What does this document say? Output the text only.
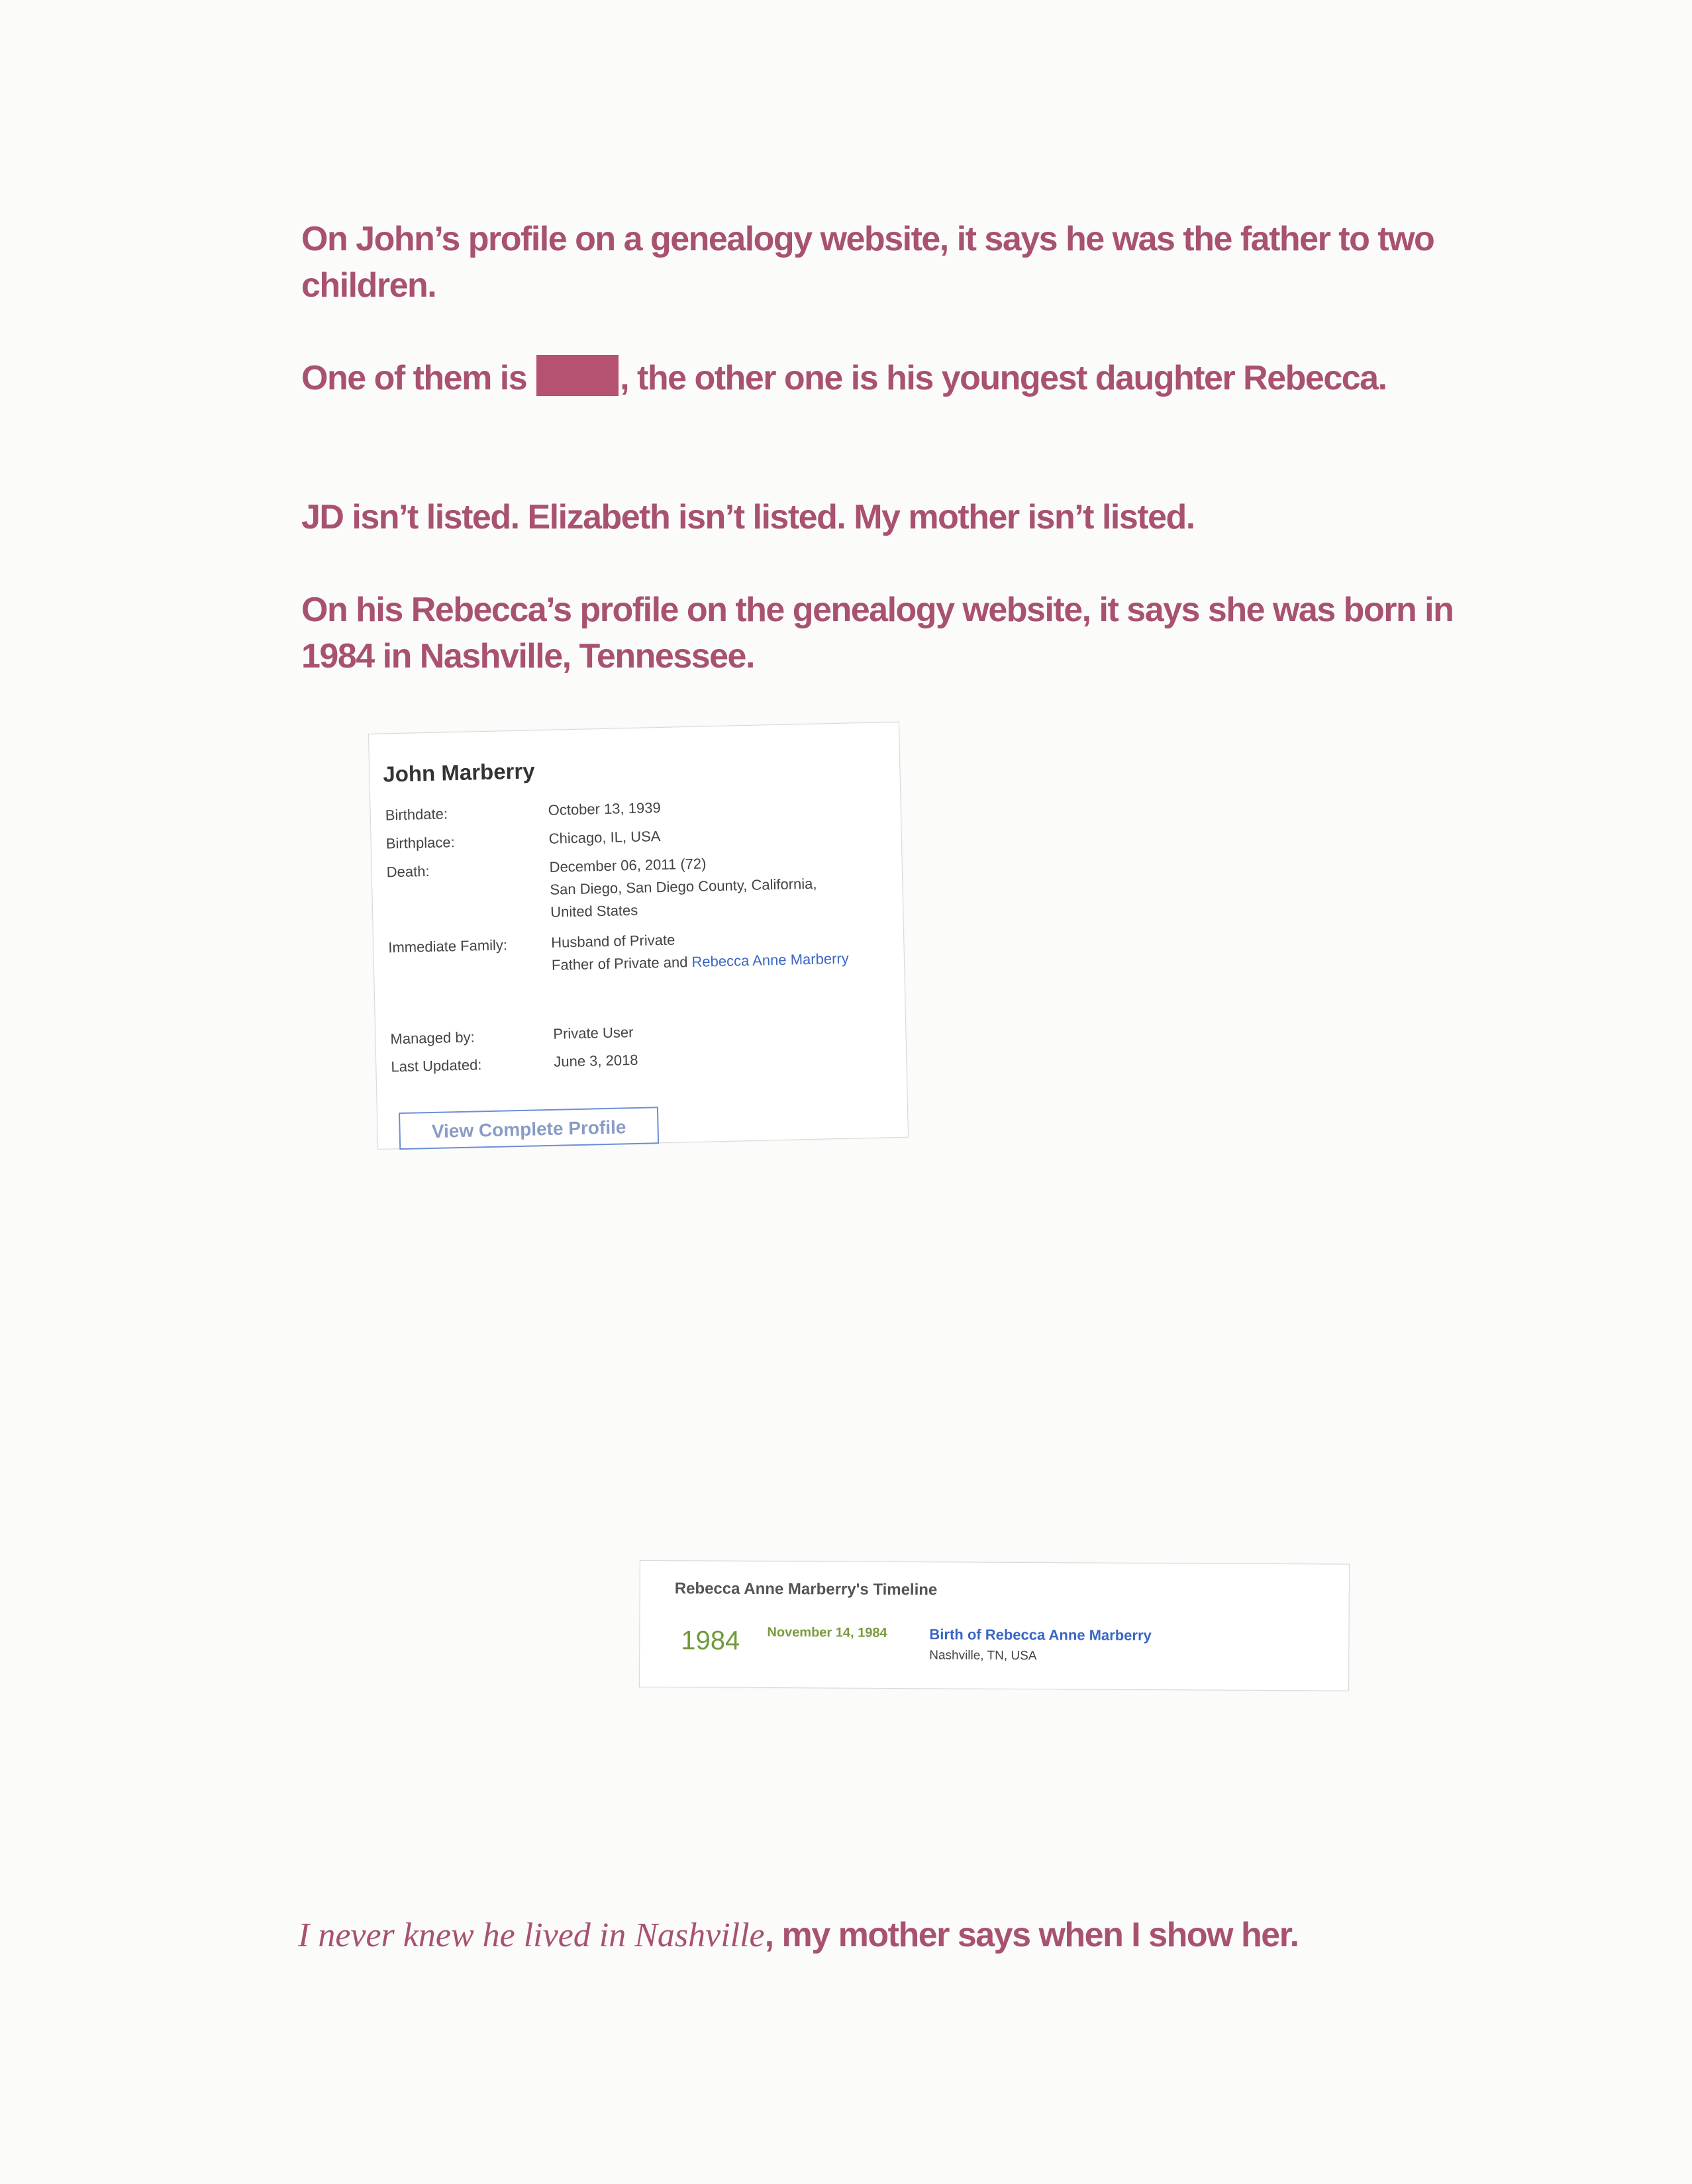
On John’s profile on a genealogy website, it says he was the father to two children.

One of them is , the other one is his youngest daughter Rebecca.

JD isn’t listed. Elizabeth isn’t listed. My mother isn’t listed.

On his Rebecca’s profile on the genealogy website, it says she was born in 1984 in Nashville, Tennessee.

John Marberry
Birthdate:	October 13, 1939
Birthplace:	Chicago, IL, USA
Death:	December 06, 2011 (72)
San Diego, San Diego County, California,
United States
Immediate Family:	Husband of Private
Father of Private and Rebecca Anne Marberry
Managed by:	Private User
Last Updated:	June 3, 2018
View Complete Profile
Rebecca Anne Marberry's Timeline
1984 November 14, 1984	Birth of Rebecca Anne Marberry
Nashville, TN, USA

I never knew he lived in Nashville, my mother says when I show her.
